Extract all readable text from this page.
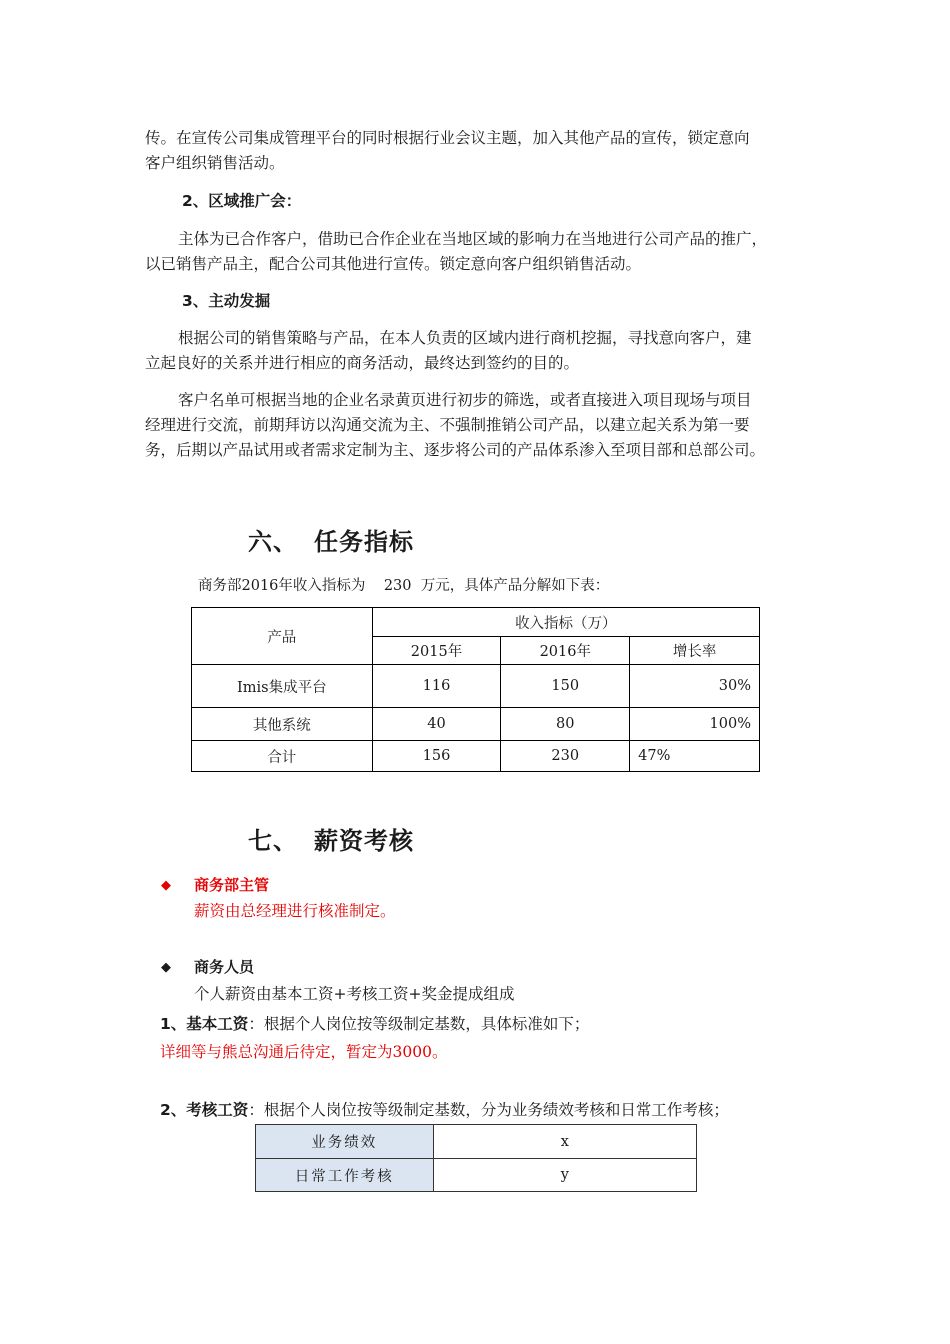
传。在宣传公司集成管理平台的同时根据行业会议主题，加入其他产品的宣传，锁定意向

客户组织销售活动。

2、区域推广会：

主体为已合作客户，借助已合作企业在当地区域的影响力在当地进行公司产品的推广，

以已销售产品主，配合公司其他进行宣传。锁定意向客户组织销售活动。

3、主动发掘

根据公司的销售策略与产品，在本人负责的区域内进行商机挖掘，寻找意向客户，建

立起良好的关系并进行相应的商务活动，最终达到签约的目的。

客户名单可根据当地的企业名录黄页进行初步的筛选，或者直接进入项目现场与项目

经理进行交流，前期拜访以沟通交流为主、不强制推销公司产品，以建立起关系为第一要

务，后期以产品试用或者需求定制为主、逐步将公司的产品体系渗入至项目部和总部公司。

六、 任务指标

商务部2016年收入指标为    230  万元，具体产品分解如下表：

产品	收入指标（万）		
	2015年	2016年	增长率
Imis集成平台	116	150	30%
其他系统	40	80	100%
合计	156	230	47%
七、 薪资考核
◆ 商务部主管

薪资由总经理进行核准制定。

◆ 商务人员

个人薪资由基本工资+考核工资+奖金提成组成

1、基本工资：根据个人岗位按等级制定基数，具体标准如下；

详细等与熊总沟通后待定，暂定为3000。

2、考核工资：根据个人岗位按等级制定基数，分为业务绩效考核和日常工作考核；

业务绩效	x
日常工作考核	y
